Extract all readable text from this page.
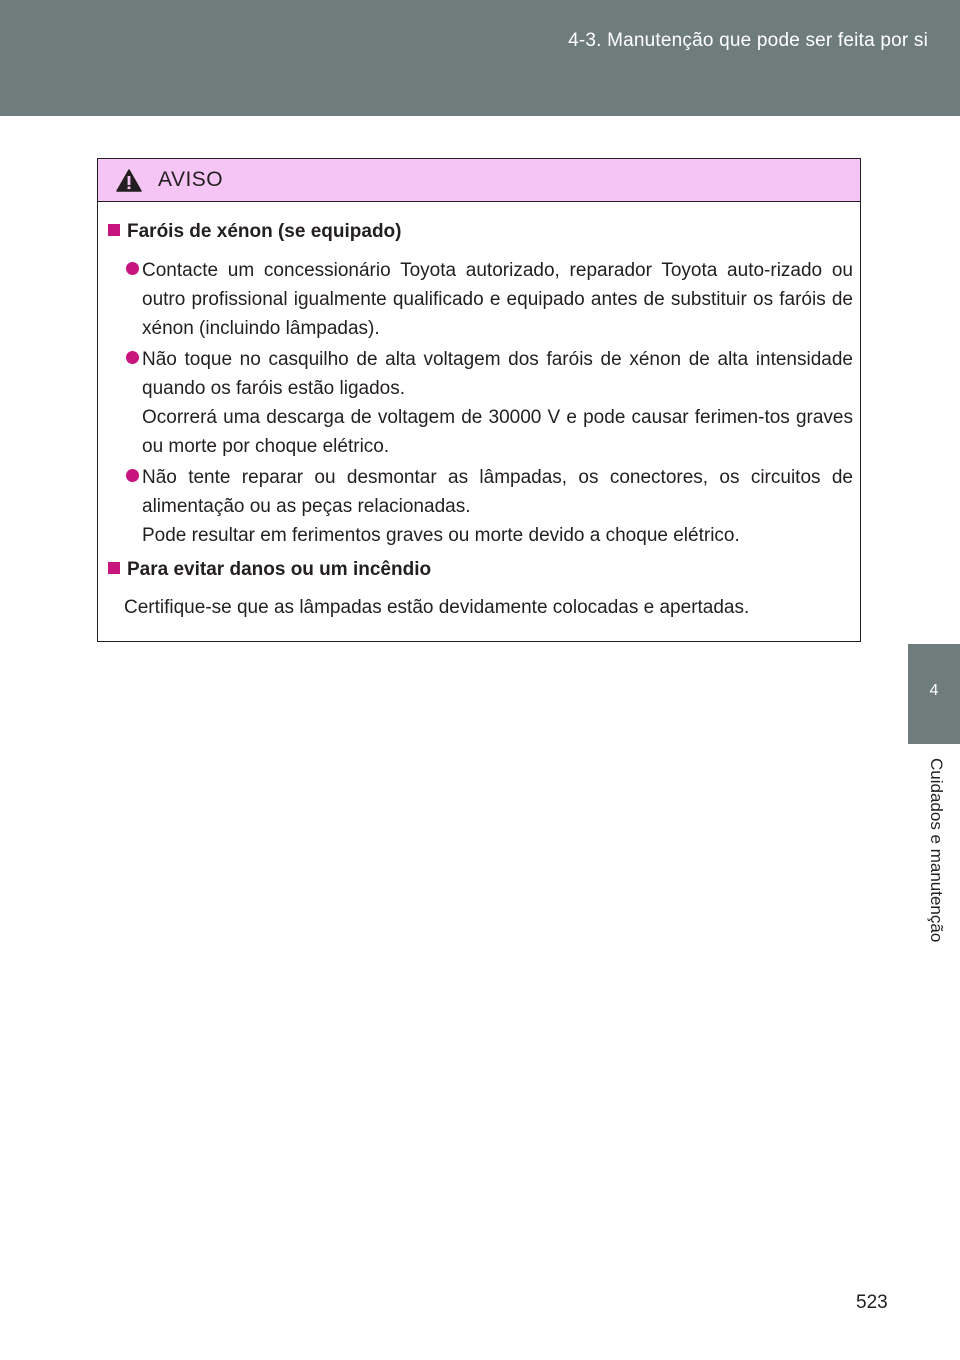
4-3. Manutenção que pode ser feita por si
4
Cuidados e manutenção
AVISO
Faróis de xénon (se equipado)
Contacte um concessionário Toyota autorizado, reparador Toyota auto-rizado ou outro profissional igualmente qualificado e equipado antes de substituir os faróis de xénon (incluindo lâmpadas).
Não toque no casquilho de alta voltagem dos faróis de xénon de alta intensidade quando os faróis estão ligados.
Ocorrerá uma descarga de voltagem de 30000 V e pode causar ferimen-tos graves ou morte por choque elétrico.
Não tente reparar ou desmontar as lâmpadas, os conectores, os circuitos de alimentação ou as peças relacionadas.
Pode resultar em ferimentos graves ou morte devido a choque elétrico.
Para evitar danos ou um incêndio
Certifique-se que as lâmpadas estão devidamente colocadas e apertadas.
523
